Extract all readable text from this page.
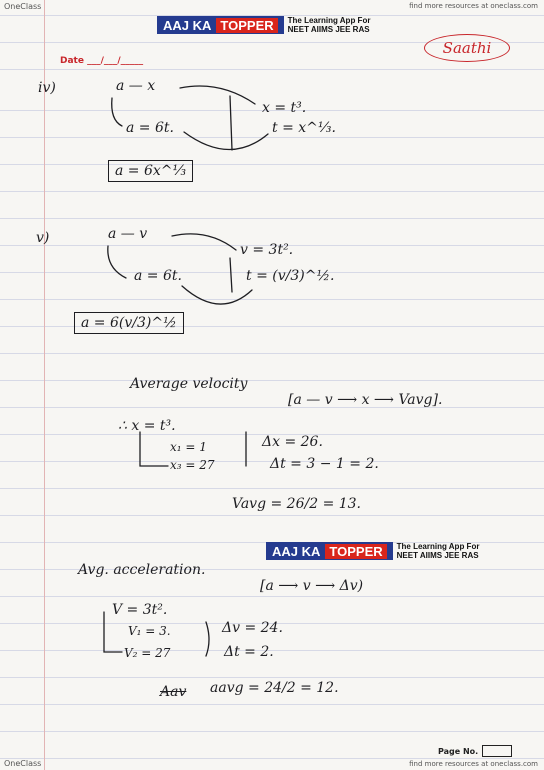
OneClass	find more resources at oneclass.com
AAJ KA TOPPER	The Learning App For
NEET AIIMS JEE RAS
Saathi
Date ___/___/_____
iv)	a — x
x = t³.
a = 6t.	t = x^⅓.
a = 6x^⅓
v)	a — v
v = 3t².
a = 6t.	t = (v/3)^½.
a = 6(v/3)^½
Average velocity
[a — v ⟶ x ⟶ Vavg].
∴ x = t³.
x₁ = 1
x₃ = 27
Δx = 26.
Δt = 3 − 1 = 2.
Vavg = 26/2 = 13.
AAJ KA TOPPER	The Learning App For
NEET AIIMS JEE RAS
Avg. acceleration.
[a ⟶ v ⟶ Δv)
V = 3t².
V₁ = 3.
V₂ = 27
Δv = 24.
Δt = 2.
Aav aavg = 24/2 = 12.
Page No.
OneClass	find more resources at oneclass.com
